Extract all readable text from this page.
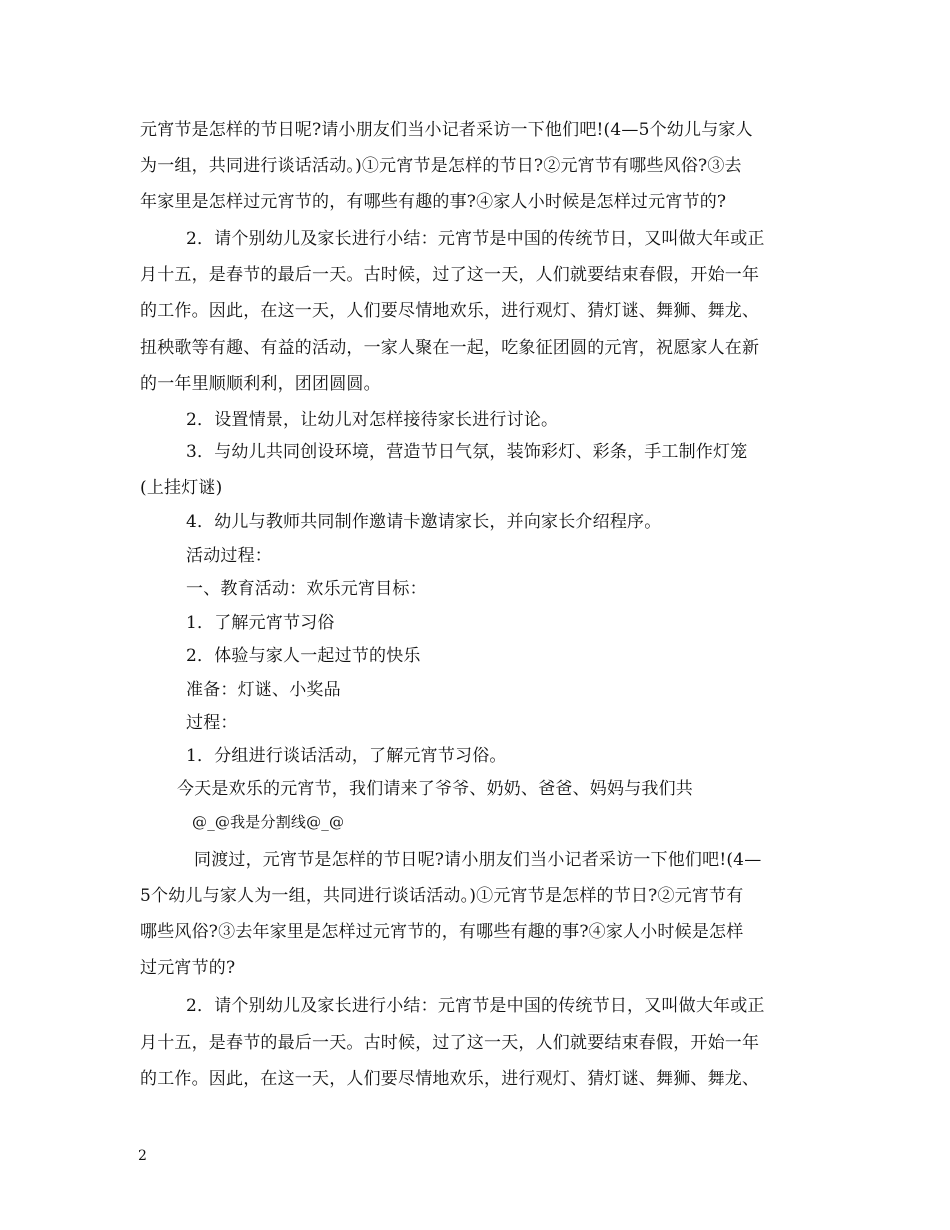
元宵节是怎样的节日呢?请小朋友们当小记者采访一下他们吧!(4—5个幼儿与家人
为一组，共同进行谈话活动。)①元宵节是怎样的节日?②元宵节有哪些风俗?③去
年家里是怎样过元宵节的，有哪些有趣的事?④家人小时候是怎样过元宵节的?
2．请个别幼儿及家长进行小结：元宵节是中国的传统节日，又叫做大年或正
月十五，是春节的最后一天。古时候，过了这一天，人们就要结束春假，开始一年
的工作。因此，在这一天，人们要尽情地欢乐，进行观灯、猜灯谜、舞狮、舞龙、
扭秧歌等有趣、有益的活动，一家人聚在一起，吃象征团圆的元宵，祝愿家人在新
的一年里顺顺利利，团团圆圆。
2．设置情景，让幼儿对怎样接待家长进行讨论。
3．与幼儿共同创设环境，营造节日气氛，装饰彩灯、彩条，手工制作灯笼
(上挂灯谜)
4．幼儿与教师共同制作邀请卡邀请家长，并向家长介绍程序。
活动过程：
一、教育活动：欢乐元宵目标：
1．了解元宵节习俗
2．体验与家人一起过节的快乐
准备：灯谜、小奖品
过程：
1．分组进行谈话活动，了解元宵节习俗。
今天是欢乐的元宵节，我们请来了爷爷、奶奶、爸爸、妈妈与我们共
@_@我是分割线@_@
同渡过，元宵节是怎样的节日呢?请小朋友们当小记者采访一下他们吧!(4—
5个幼儿与家人为一组，共同进行谈话活动。)①元宵节是怎样的节日?②元宵节有
哪些风俗?③去年家里是怎样过元宵节的，有哪些有趣的事?④家人小时候是怎样
过元宵节的?
2．请个别幼儿及家长进行小结：元宵节是中国的传统节日，又叫做大年或正
月十五，是春节的最后一天。古时候，过了这一天，人们就要结束春假，开始一年
的工作。因此，在这一天，人们要尽情地欢乐，进行观灯、猜灯谜、舞狮、舞龙、
2
